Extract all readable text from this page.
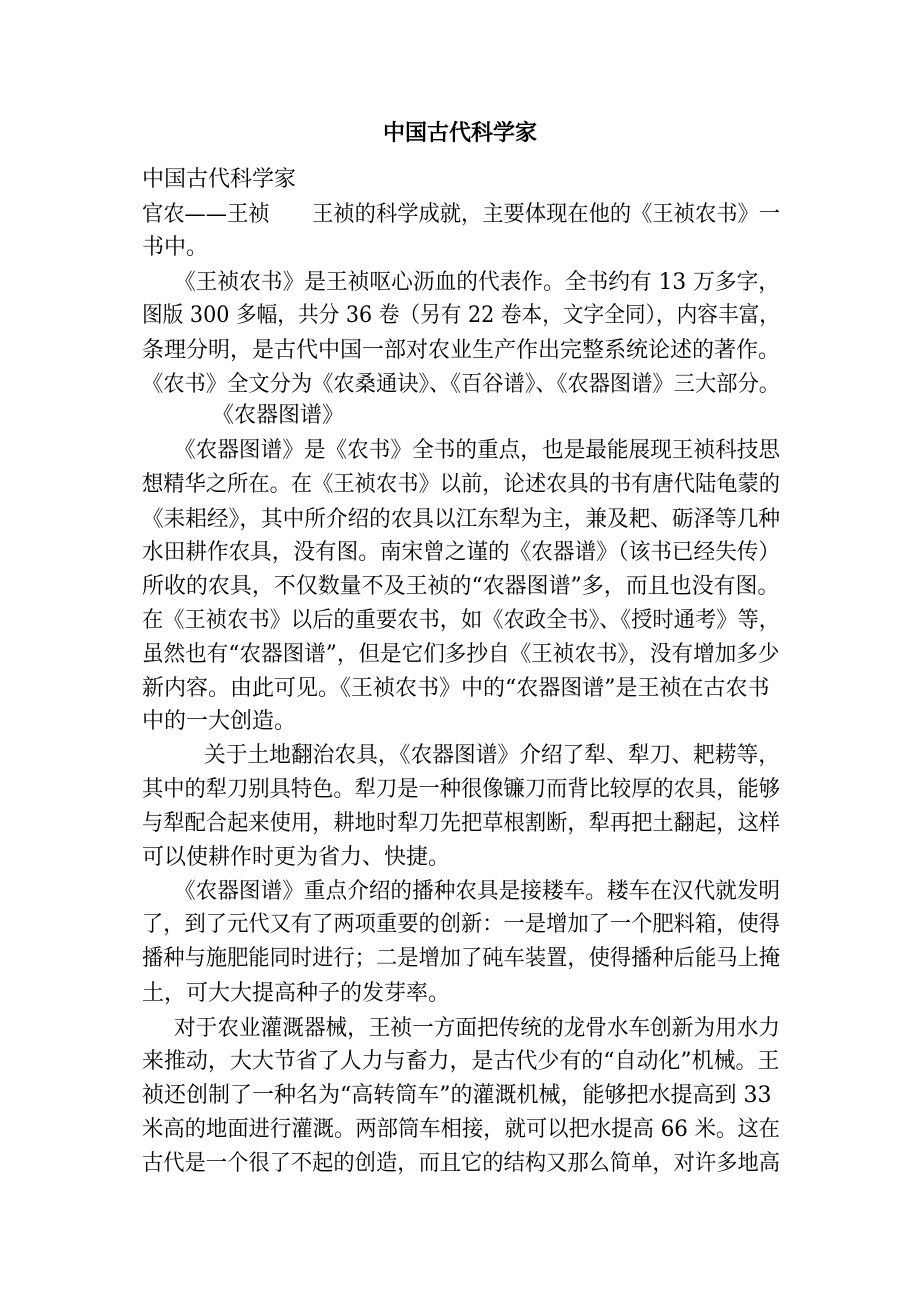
中国古代科学家
中国古代科学家
官农——王祯　　王祯的科学成就，主要体现在他的《王祯农书》一
书中。
《王祯农书》是王祯呕心沥血的代表作。全书约有 13 万多字，
图版 300 多幅，共分 36 卷（另有 22 卷本，文字全同），内容丰富，
条理分明，是古代中国一部对农业生产作出完整系统论述的著作。
《农书》全文分为《农桑通诀》、《百谷谱》、《农器图谱》三大部分。
《农器图谱》
《农器图谱》是《农书》全书的重点，也是最能展现王祯科技思
想精华之所在。在《王祯农书》以前，论述农具的书有唐代陆龟蒙的
《耒耜经》，其中所介绍的农具以江东犁为主，兼及耙、砺泽等几种
水田耕作农具，没有图。南宋曾之谨的《农器谱》（该书已经失传）
所收的农具，不仅数量不及王祯的“农器图谱”多，而且也没有图。
在《王祯农书》以后的重要农书，如《农政全书》、《授时通考》等，
虽然也有“农器图谱”，但是它们多抄自《王祯农书》，没有增加多少
新内容。由此可见。《王祯农书》中的“农器图谱”是王祯在古农书
中的一大创造。
关于土地翻治农具，《农器图谱》介绍了犁、犁刀、耙耢等，
其中的犁刀别具特色。犁刀是一种很像镰刀而背比较厚的农具，能够
与犁配合起来使用，耕地时犁刀先把草根割断，犁再把土翻起，这样
可以使耕作时更为省力、快捷。
《农器图谱》重点介绍的播种农具是接耧车。耧车在汉代就发明
了，到了元代又有了两项重要的创新：一是增加了一个肥料箱，使得
播种与施肥能同时进行；二是增加了砘车装置，使得播种后能马上掩
土，可大大提高种子的发芽率。
对于农业灌溉器械，王祯一方面把传统的龙骨水车创新为用水力
来推动，大大节省了人力与畜力，是古代少有的“自动化”机械。王
祯还创制了一种名为“高转筒车”的灌溉机械，能够把水提高到 33
米高的地面进行灌溉。两部筒车相接，就可以把水提高 66 米。这在
古代是一个很了不起的创造，而且它的结构又那么简单，对许多地高
